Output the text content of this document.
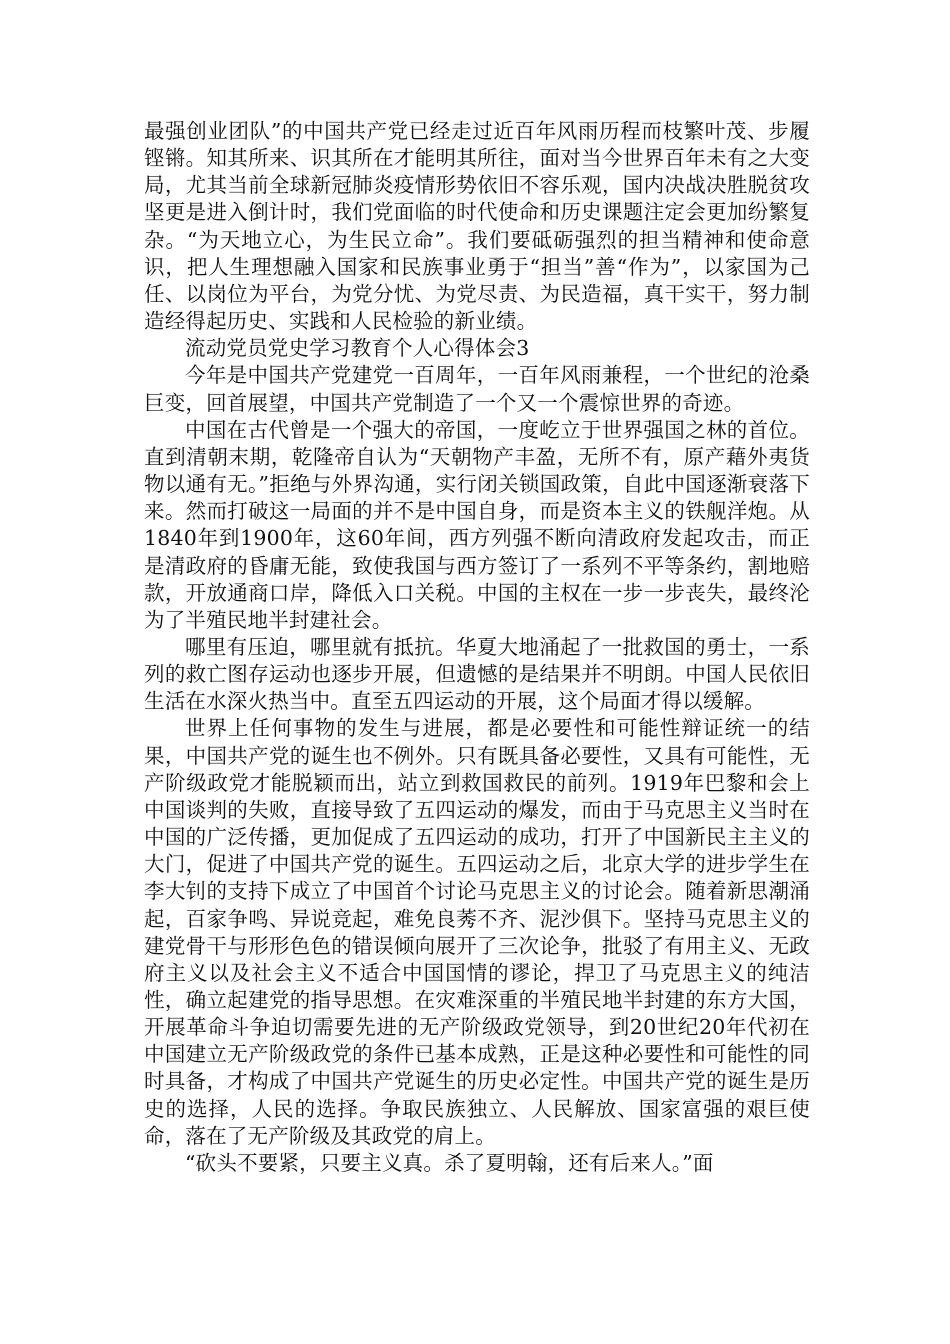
最强创业团队”的中国共产党已经走过近百年风雨历程而枝繁叶茂、步履铿锵。知其所来、识其所在才能明其所往，面对当今世界百年未有之大变局，尤其当前全球新冠肺炎疫情形势依旧不容乐观，国内决战决胜脱贫攻坚更是进入倒计时，我们党面临的时代使命和历史课题注定会更加纷繁复杂。“为天地立心，为生民立命”。我们要砥砺强烈的担当精神和使命意识，把人生理想融入国家和民族事业勇于“担当”善“作为”，以家国为己任、以岗位为平台，为党分忧、为党尽责、为民造福，真干实干，努力制造经得起历史、实践和人民检验的新业绩。

流动党员党史学习教育个人心得体会3

今年是中国共产党建党一百周年，一百年风雨兼程，一个世纪的沧桑巨变，回首展望，中国共产党制造了一个又一个震惊世界的奇迹。

中国在古代曾是一个强大的帝国，一度屹立于世界强国之林的首位。直到清朝末期，乾隆帝自认为“天朝物产丰盈，无所不有，原产藉外夷货物以通有无。”拒绝与外界沟通，实行闭关锁国政策，自此中国逐渐衰落下来。然而打破这一局面的并不是中国自身，而是资本主义的铁舰洋炮。从1840年到1900年，这60年间，西方列强不断向清政府发起攻击，而正是清政府的昏庸无能，致使我国与西方签订了一系列不平等条约，割地赔款，开放通商口岸，降低入口关税。中国的主权在一步一步丧失，最终沦为了半殖民地半封建社会。

哪里有压迫，哪里就有抵抗。华夏大地涌起了一批救国的勇士，一系列的救亡图存运动也逐步开展，但遗憾的是结果并不明朗。中国人民依旧生活在水深火热当中。直至五四运动的开展，这个局面才得以缓解。

世界上任何事物的发生与进展，都是必要性和可能性辩证统一的结果，中国共产党的诞生也不例外。只有既具备必要性，又具有可能性，无产阶级政党才能脱颖而出，站立到救国救民的前列。1919年巴黎和会上中国谈判的失败，直接导致了五四运动的爆发，而由于马克思主义当时在中国的广泛传播，更加促成了五四运动的成功，打开了中国新民主主义的大门，促进了中国共产党的诞生。五四运动之后，北京大学的进步学生在李大钊的支持下成立了中国首个讨论马克思主义的讨论会。随着新思潮涌起，百家争鸣、异说竞起，难免良莠不齐、泥沙俱下。坚持马克思主义的建党骨干与形形色色的错误倾向展开了三次论争，批驳了有用主义、无政府主义以及社会主义不适合中国国情的谬论，捍卫了马克思主义的纯洁性，确立起建党的指导思想。在灾难深重的半殖民地半封建的东方大国，开展革命斗争迫切需要先进的无产阶级政党领导，到20世纪20年代初在中国建立无产阶级政党的条件已基本成熟，正是这种必要性和可能性的同时具备，才构成了中国共产党诞生的历史必定性。中国共产党的诞生是历史的选择，人民的选择。争取民族独立、人民解放、国家富强的艰巨使命，落在了无产阶级及其政党的肩上。

“砍头不要紧，只要主义真。杀了夏明翰，还有后来人。”面
